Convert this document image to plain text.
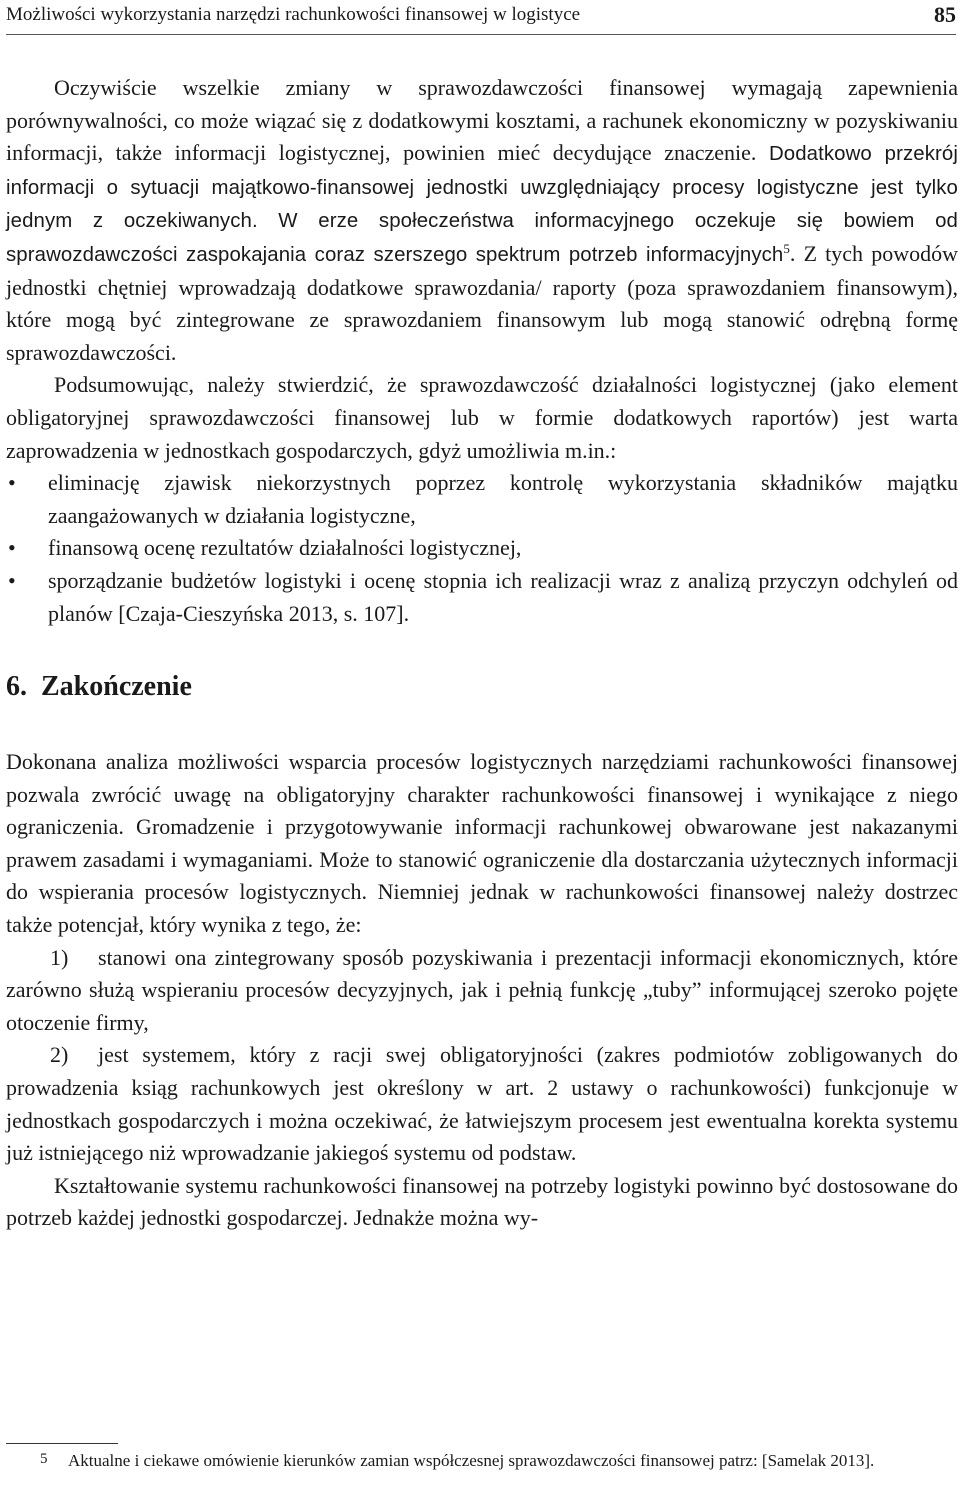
Możliwości wykorzystania narzędzi rachunkowości finansowej w logistyce	85

Oczywiście wszelkie zmiany w sprawozdawczości finansowej wymagają zapewnienia porównywalności, co może wiązać się z dodatkowymi kosztami, a rachunek ekonomiczny w pozyskiwaniu informacji, także informacji logistycznej, powinien mieć decydujące znaczenie. Dodatkowo przekrój informacji o sytuacji majątkowo-finansowej jednostki uwzględniający procesy logistyczne jest tylko jednym z oczekiwanych. W erze społeczeństwa informacyjnego oczekuje się bowiem od sprawozdawczości zaspokajania coraz szerszego spektrum potrzeb informacyjnych$^5$. Z tych powodów jednostki chętniej wprowadzają dodatkowe sprawozdania/ raporty (poza sprawozdaniem finansowym), które mogą być zintegrowane ze sprawozdaniem finansowym lub mogą stanowić odrębną formę sprawozdawczości.

Podsumowując, należy stwierdzić, że sprawozdawczość działalności logistycznej (jako element obligatoryjnej sprawozdawczości finansowej lub w formie dodatkowych raportów) jest warta zaprowadzenia w jednostkach gospodarczych, gdyż umożliwia m.in.:

• eliminację zjawisk niekorzystnych poprzez kontrolę wykorzystania składników majątku zaangażowanych w działania logistyczne,
• finansową ocenę rezultatów działalności logistycznej,
• sporządzanie budżetów logistyki i ocenę stopnia ich realizacji wraz z analizą przyczyn odchyleń od planów [Czaja-Cieszyńska 2013, s. 107].
6. Zakończenie

Dokonana analiza możliwości wsparcia procesów logistycznych narzędziami rachunkowości finansowej pozwala zwrócić uwagę na obligatoryjny charakter rachunkowości finansowej i wynikające z niego ograniczenia. Gromadzenie i przygotowywanie informacji rachunkowej obwarowane jest nakazanymi prawem zasadami i wymaganiami. Może to stanowić ograniczenie dla dostarczania użytecznych informacji do wspierania procesów logistycznych. Niemniej jednak w rachunkowości finansowej należy dostrzec także potencjał, który wynika z tego, że:

1) stanowi ona zintegrowany sposób pozyskiwania i prezentacji informacji ekonomicznych, które zarówno służą wspieraniu procesów decyzyjnych, jak i pełnią funkcję „tuby” informującej szeroko pojęte otoczenie firmy,

2) jest systemem, który z racji swej obligatoryjności (zakres podmiotów zobligowanych do prowadzenia ksiąg rachunkowych jest określony w art. 2 ustawy o rachunkowości) funkcjonuje w jednostkach gospodarczych i można oczekiwać, że łatwiejszym procesem jest ewentualna korekta systemu już istniejącego niż wprowadzanie jakiegoś systemu od podstaw.

Kształtowanie systemu rachunkowości finansowej na potrzeby logistyki powinno być dostosowane do potrzeb każdej jednostki gospodarczej. Jednakże można wy-

5 Aktualne i ciekawe omówienie kierunków zamian współczesnej sprawozdawczości finansowej patrz: [Samelak 2013].
